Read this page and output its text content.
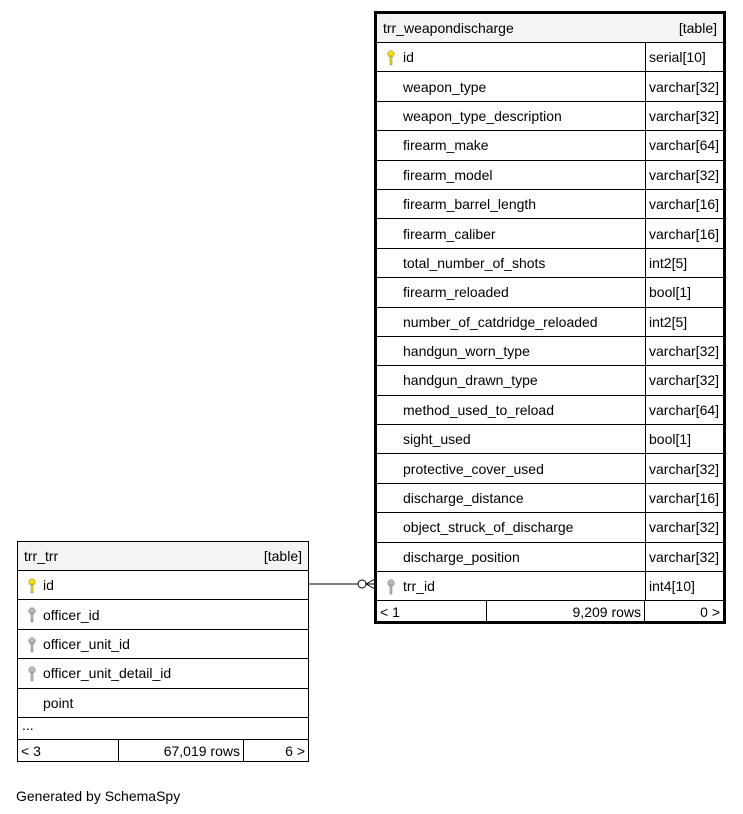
trr_weapondischarge	[table]
id	serial[10]
weapon_type	varchar[32]
weapon_type_description	varchar[32]
firearm_make	varchar[64]
firearm_model	varchar[32]
firearm_barrel_length	varchar[16]
firearm_caliber	varchar[16]
total_number_of_shots	int2[5]
firearm_reloaded	bool[1]
number_of_catdridge_reloaded	int2[5]
handgun_worn_type	varchar[32]
handgun_drawn_type	varchar[32]
method_used_to_reload	varchar[64]
sight_used	bool[1]
protective_cover_used	varchar[32]
discharge_distance	varchar[16]
object_struck_of_discharge	varchar[32]
discharge_position	varchar[32]
trr_id	int4[10]
< 1	9,209 rows	0 >
trr_trr	[table]
id
officer_id
officer_unit_id
officer_unit_detail_id
point
...
< 3	67,019 rows	6 >
Generated by SchemaSpy
